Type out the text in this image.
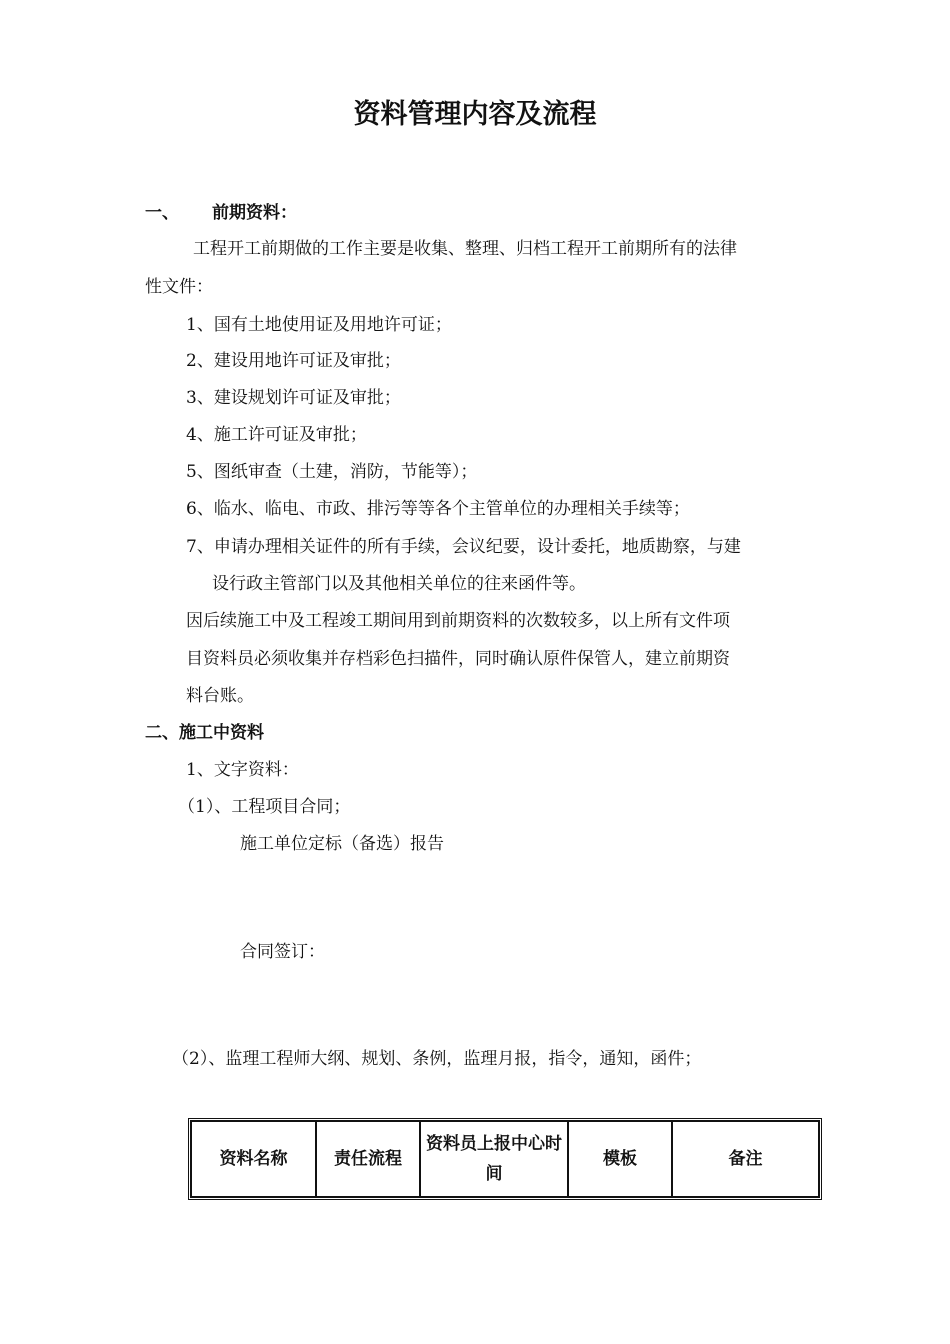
资料管理内容及流程
一、 前期资料：
工程开工前期做的工作主要是收集、整理、归档工程开工前期所有的法律
性文件：
1、国有土地使用证及用地许可证；
2、建设用地许可证及审批；
3、建设规划许可证及审批；
4、施工许可证及审批；
5、图纸审查（土建，消防，节能等）；
6、临水、临电、市政、排污等等各个主管单位的办理相关手续等；
7、申请办理相关证件的所有手续，会议纪要，设计委托，地质勘察，与建
设行政主管部门以及其他相关单位的往来函件等。
因后续施工中及工程竣工期间用到前期资料的次数较多，以上所有文件项
目资料员必须收集并存档彩色扫描件，同时确认原件保管人，建立前期资
料台账。
二、施工中资料
1、文字资料：
（1）、工程项目合同；
施工单位定标（备选）报告
合同签订：
（2）、监理工程师大纲、规划、条例，监理月报，指令，通知，函件；
资料名称	责任流程	资料员上报中心时间	模板	备注
